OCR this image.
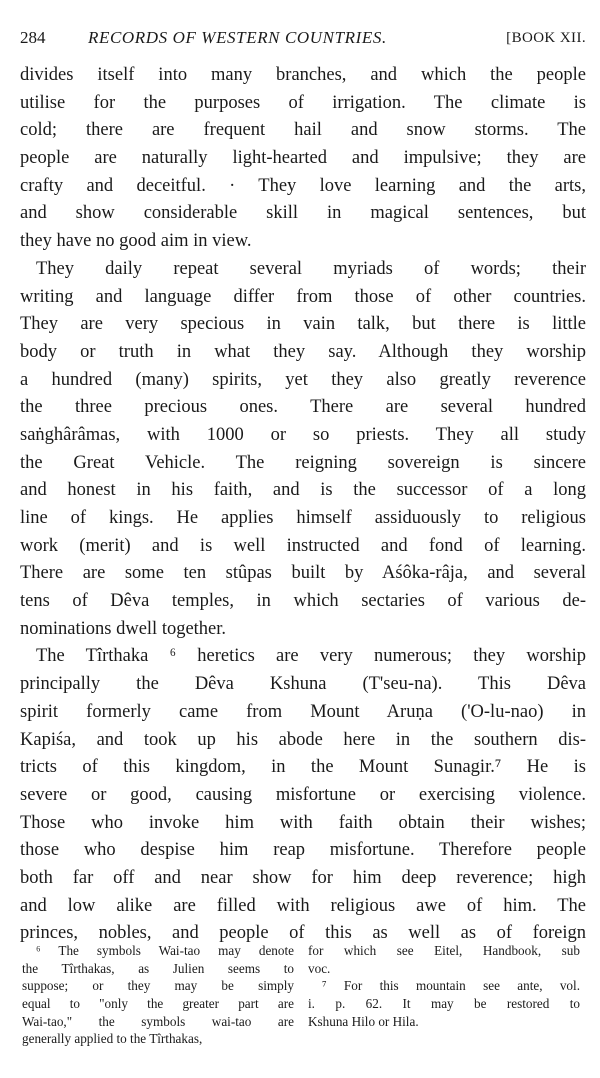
284	RECORDS OF WESTERN COUNTRIES.	[BOOK XII.
divides itself into many branches, and which the people
utilise for the purposes of irrigation. The climate is
cold; there are frequent hail and snow storms. The
people are naturally light-hearted and impulsive; they are
crafty and deceitful. · They love learning and the arts,
and show considerable skill in magical sentences, but
they have no good aim in view.
They daily repeat several myriads of words; their
writing and language differ from those of other countries.
They are very specious in vain talk, but there is little
body or truth in what they say. Although they worship
a hundred (many) spirits, yet they also greatly reverence
the three precious ones. There are several hundred
saṅghârâmas, with 1000 or so priests. They all study
the Great Vehicle. The reigning sovereign is sincere
and honest in his faith, and is the successor of a long
line of kings. He applies himself assiduously to religious
work (merit) and is well instructed and fond of learning.
There are some ten stûpas built by Aśôka-râja, and several
tens of Dêva temples, in which sectaries of various de-
nominations dwell together.
The Tîrthaka ⁶ heretics are very numerous; they worship
principally the Dêva Kshuna (T'seu-na). This Dêva
spirit formerly came from Mount Aruṇa ('O-lu-nao) in
Kapiśa, and took up his abode here in the southern dis-
tricts of this kingdom, in the Mount Sunagir.⁷ He is
severe or good, causing misfortune or exercising violence.
Those who invoke him with faith obtain their wishes;
those who despise him reap misfortune. Therefore people
both far off and near show for him deep reverence; high
and low alike are filled with religious awe of him. The
princes, nobles, and people of this as well as of foreign
⁶ The symbols Wai-tao may denote
the Tîrthakas, as Julien seems to
suppose; or they may be simply
equal to "only the greater part are
Wai-tao," the symbols wai-tao are
generally applied to the Tîrthakas,
for which see Eitel, Handbook, sub
voc.
⁷ For this mountain see ante, vol.
i. p. 62. It may be restored to
Kshuna Hilo or Hila.
